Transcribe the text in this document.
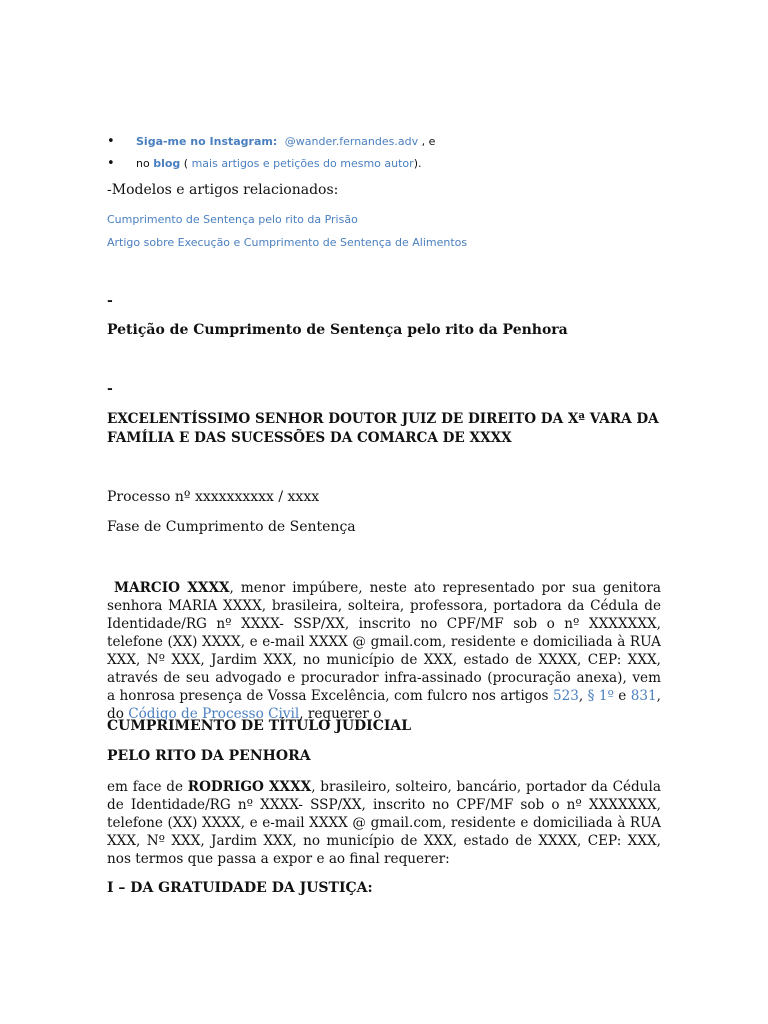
• Siga-me no Instagram: @wander.fernandes.adv , e
• no blog ( mais artigos e petições do mesmo autor).
-Modelos e artigos relacionados:
Cumprimento de Sentença pelo rito da Prisão
Artigo sobre Execução e Cumprimento de Sentença de Alimentos
-
Petição de Cumprimento de Sentença pelo rito da Penhora
-
EXCELENTÍSSIMO SENHOR DOUTOR JUIZ DE DIREITO DA Xª VARA DA FAMÍLIA E DAS SUCESSÕES DA COMARCA DE XXXX
Processo nº xxxxxxxxxx / xxxx
Fase de Cumprimento de Sentença
MARCIO XXXX, menor impúbere, neste ato representado por sua genitora senhora MARIA XXXX, brasileira, solteira, professora, portadora da Cédula de Identidade/RG nº XXXX- SSP/XX, inscrito no CPF/MF sob o nº XXXXXXX, telefone (XX) XXXX, e e-mail XXXX @ gmail.com, residente e domiciliada à RUA XXX, Nº XXX, Jardim XXX, no município de XXX, estado de XXXX, CEP: XXX, através de seu advogado e procurador infra-assinado (procuração anexa), vem a honrosa presença de Vossa Excelência, com fulcro nos artigos 523, § 1º e 831, do Código de Processo Civil, requerer o
CUMPRIMENTO DE TÍTULO JUDICIAL
PELO RITO DA PENHORA
em face de RODRIGO XXXX, brasileiro, solteiro, bancário, portador da Cédula de Identidade/RG nº XXXX- SSP/XX, inscrito no CPF/MF sob o nº XXXXXXX, telefone (XX) XXXX, e e-mail XXXX @ gmail.com, residente e domiciliada à RUA XXX, Nº XXX, Jardim XXX, no município de XXX, estado de XXXX, CEP: XXX, nos termos que passa a expor e ao final requerer:
I – DA GRATUIDADE DA JUSTIÇA:
